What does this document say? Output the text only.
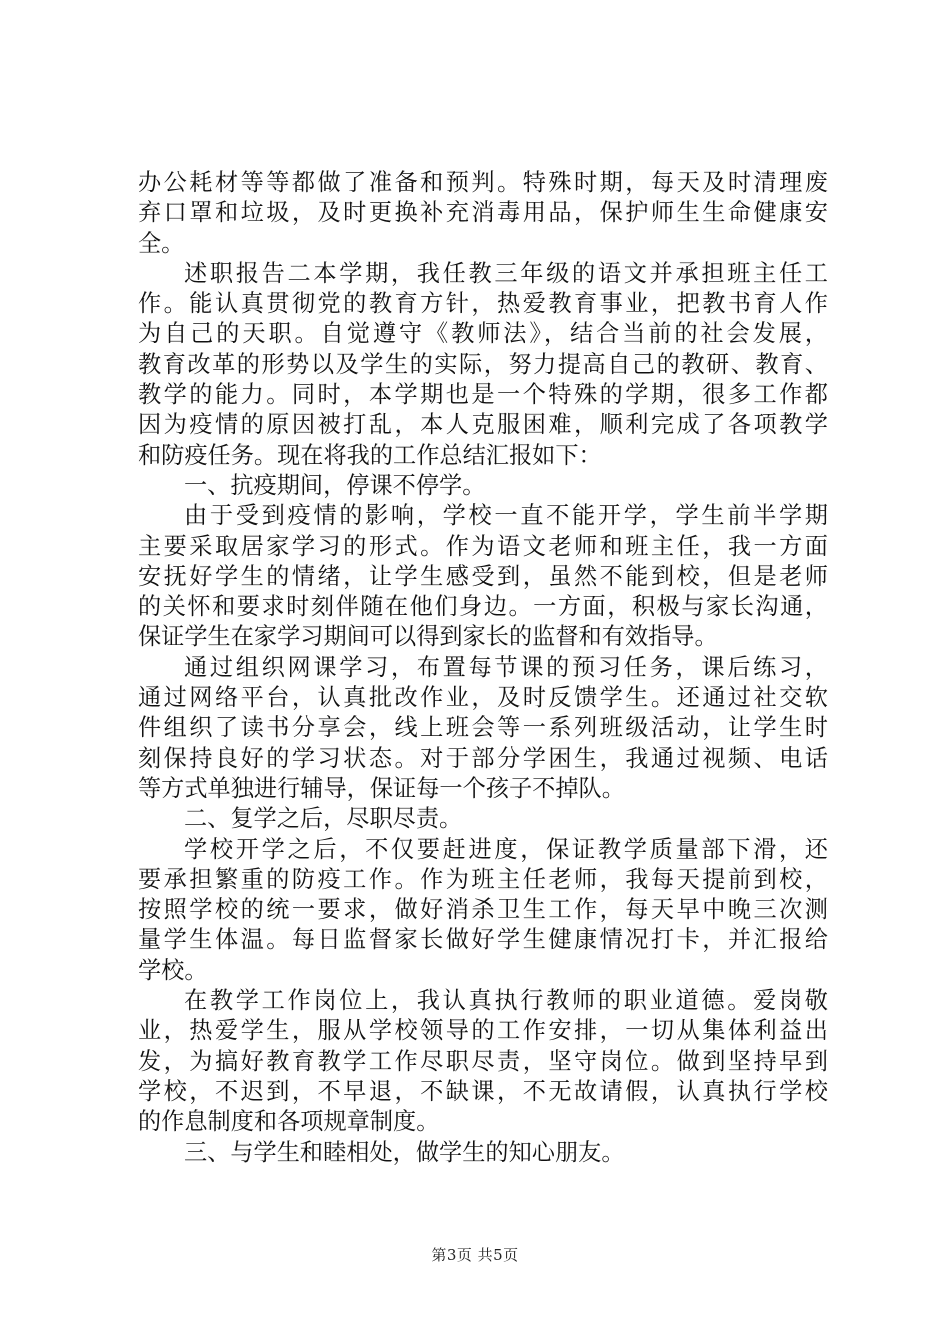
办公耗材等等都做了准备和预判。特殊时期，每天及时清理废
弃口罩和垃圾，及时更换补充消毒用品，保护师生生命健康安
全。
述职报告二本学期，我任教三年级的语文并承担班主任工
作。能认真贯彻党的教育方针，热爱教育事业，把教书育人作
为自己的天职。自觉遵守《教师法》，结合当前的社会发展，
教育改革的形势以及学生的实际，努力提高自己的教研、教育、
教学的能力。同时，本学期也是一个特殊的学期，很多工作都
因为疫情的原因被打乱，本人克服困难，顺利完成了各项教学
和防疫任务。现在将我的工作总结汇报如下：
一、抗疫期间，停课不停学。
由于受到疫情的影响，学校一直不能开学，学生前半学期
主要采取居家学习的形式。作为语文老师和班主任，我一方面
安抚好学生的情绪，让学生感受到，虽然不能到校，但是老师
的关怀和要求时刻伴随在他们身边。一方面，积极与家长沟通，
保证学生在家学习期间可以得到家长的监督和有效指导。
通过组织网课学习，布置每节课的预习任务，课后练习，
通过网络平台，认真批改作业，及时反馈学生。还通过社交软
件组织了读书分享会，线上班会等一系列班级活动，让学生时
刻保持良好的学习状态。对于部分学困生，我通过视频、电话
等方式单独进行辅导，保证每一个孩子不掉队。
二、复学之后，尽职尽责。
学校开学之后，不仅要赶进度，保证教学质量部下滑，还
要承担繁重的防疫工作。作为班主任老师，我每天提前到校，
按照学校的统一要求，做好消杀卫生工作，每天早中晚三次测
量学生体温。每日监督家长做好学生健康情况打卡，并汇报给
学校。
在教学工作岗位上，我认真执行教师的职业道德。爱岗敬
业，热爱学生，服从学校领导的工作安排，一切从集体利益出
发，为搞好教育教学工作尽职尽责，坚守岗位。做到坚持早到
学校，不迟到，不早退，不缺课，不无故请假，认真执行学校
的作息制度和各项规章制度。
三、与学生和睦相处，做学生的知心朋友。
第3页 共5页
